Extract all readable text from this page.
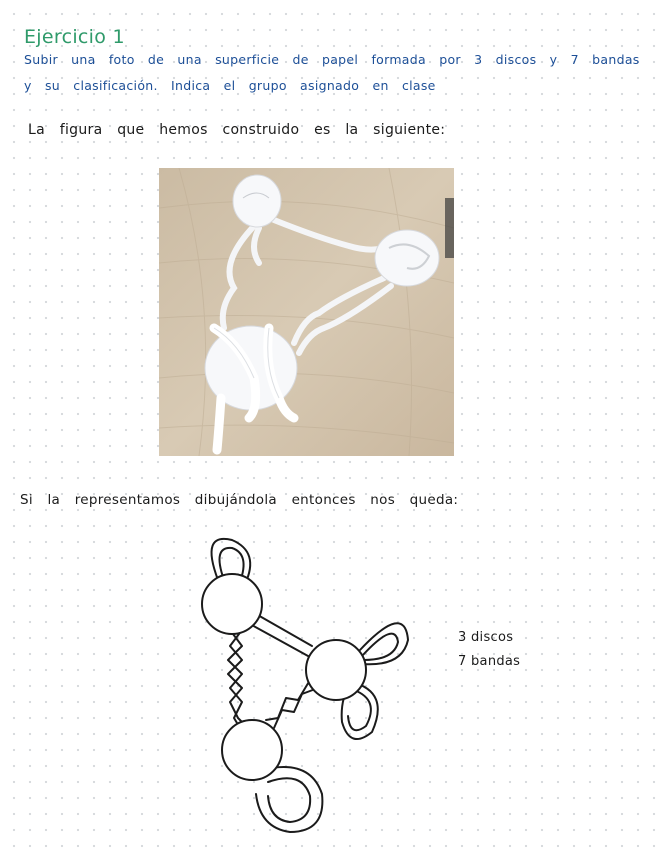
Ejercicio 1
Subir una foto de una superficie de papel formada por 3 discos y 7 bandas
y su clasificación. Indica el grupo asignado en clase
La figura que hemos construido es la siguiente:
Si la representamos dibujándola entonces nos queda:
3 discos
7 bandas
